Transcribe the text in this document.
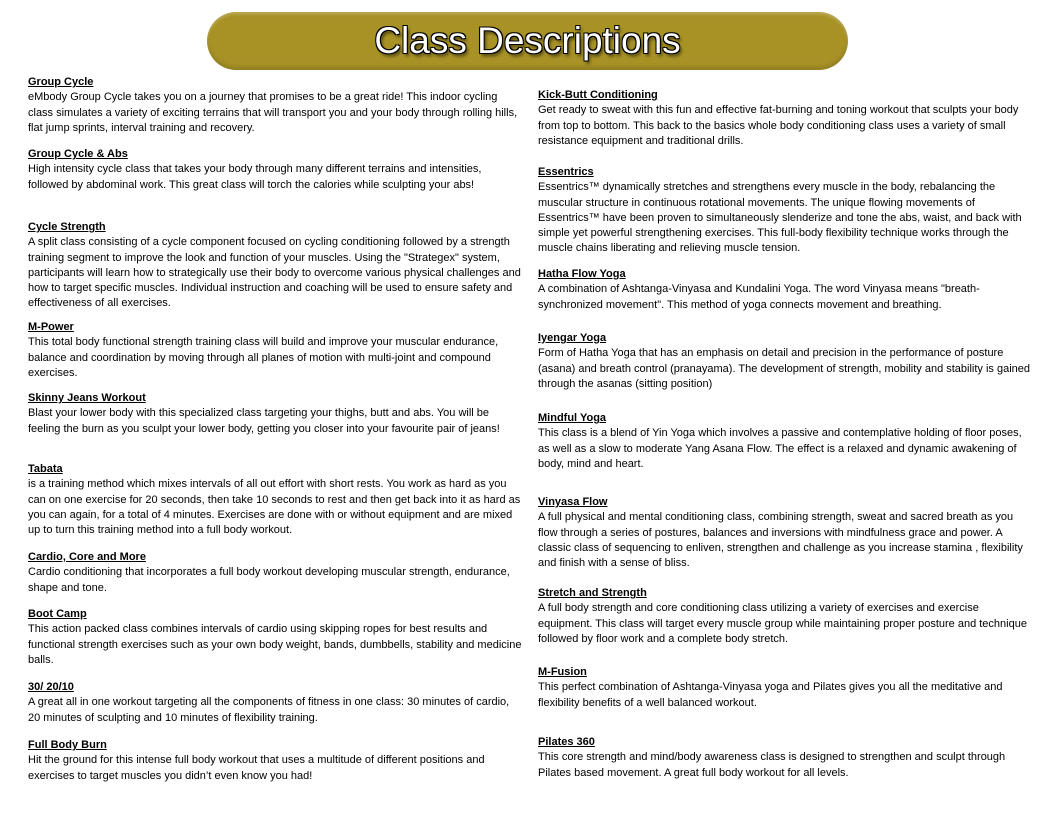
Class Descriptions
Group Cycle
eMbody Group Cycle takes you on a journey that promises to be a great ride! This indoor cycling class simulates a variety of exciting terrains that will transport you and your body through rolling hills, flat jump sprints, interval training and recovery.
Group Cycle & Abs
High intensity cycle class that takes your body through many different terrains and intensities, followed by abdominal work. This great class will torch the calories while sculpting your abs!
Cycle Strength
A split class consisting of a cycle component focused on cycling conditioning followed by a strength training segment to improve the look and function of your muscles. Using the "Strategex" system, participants will learn how to strategically use their body to overcome various physical challenges and how to target specific muscles. Individual instruction and coaching will be used to ensure safety and effectiveness of all exercises.
M-Power
This total body functional strength training class will build and improve your muscular endurance, balance and coordination by moving through all planes of motion with multi-joint and compound exercises.
Skinny Jeans Workout
Blast your lower body with this specialized class targeting your thighs, butt and abs. You will be feeling the burn as you sculpt your lower body, getting you closer into your favourite pair of jeans!
Tabata
is a training method which mixes intervals of all out effort with short rests. You work as hard as you can on one exercise for 20 seconds, then take 10 seconds to rest and then get back into it as hard as you can again, for a total of 4 minutes. Exercises are done with or without equipment and are mixed up to turn this training method into a full body workout.
Cardio, Core and More
Cardio conditioning that incorporates a full body workout developing muscular strength, endurance, shape and tone.
Boot Camp
This action packed class combines intervals of cardio using skipping ropes for best results and functional strength exercises such as your own body weight, bands, dumbbells, stability and medicine balls.
30/ 20/10
A great all in one workout targeting all the components of fitness in one class: 30 minutes of cardio, 20 minutes of sculpting and 10 minutes of flexibility training.
Full Body Burn
Hit the ground for this intense full body workout that uses a multitude of different positions and exercises to target muscles you didn’t even know you had!
Kick-Butt Conditioning
Get ready to sweat with this fun and effective fat-burning and toning workout that sculpts your body from top to bottom. This back to the basics whole body conditioning class uses a variety of small resistance equipment and traditional drills.
Essentrics
Essentrics™ dynamically stretches and strengthens every muscle in the body, rebalancing the muscular structure in continuous rotational movements. The unique flowing movements of Essentrics™ have been proven to simultaneously slenderize and tone the abs, waist, and back with simple yet powerful strengthening exercises. This full-body flexibility technique works through the muscle chains liberating and relieving muscle tension.
Hatha Flow Yoga
A combination of Ashtanga-Vinyasa and Kundalini Yoga. The word Vinyasa means "breath-synchronized movement". This method of yoga connects movement and breathing.
Iyengar Yoga
Form of Hatha Yoga that has an emphasis on detail and precision in the performance of posture (asana) and breath control (pranayama). The development of strength, mobility and stability is gained through the asanas (sitting position)
Mindful Yoga
This class is a blend of Yin Yoga which involves a passive and contemplative holding of floor poses, as well as a slow to moderate Yang Asana Flow. The effect is a relaxed and dynamic awakening of body, mind and heart.
Vinyasa Flow
A full physical and mental conditioning class, combining strength, sweat and sacred breath as you flow through a series of postures, balances and inversions with mindfulness grace and power. A classic class of sequencing to enliven, strengthen and challenge as you increase stamina , flexibility and finish with a sense of bliss.
Stretch and Strength
A full body strength and core conditioning class utilizing a variety of exercises and exercise equipment. This class will target every muscle group while maintaining proper posture and technique followed by floor work and a complete body stretch.
M-Fusion
This perfect combination of Ashtanga-Vinyasa yoga and Pilates gives you all the meditative and flexibility benefits of a well balanced workout.
Pilates 360
This core strength and mind/body awareness class is designed to strengthen and sculpt through Pilates based movement. A great full body workout for all levels.
